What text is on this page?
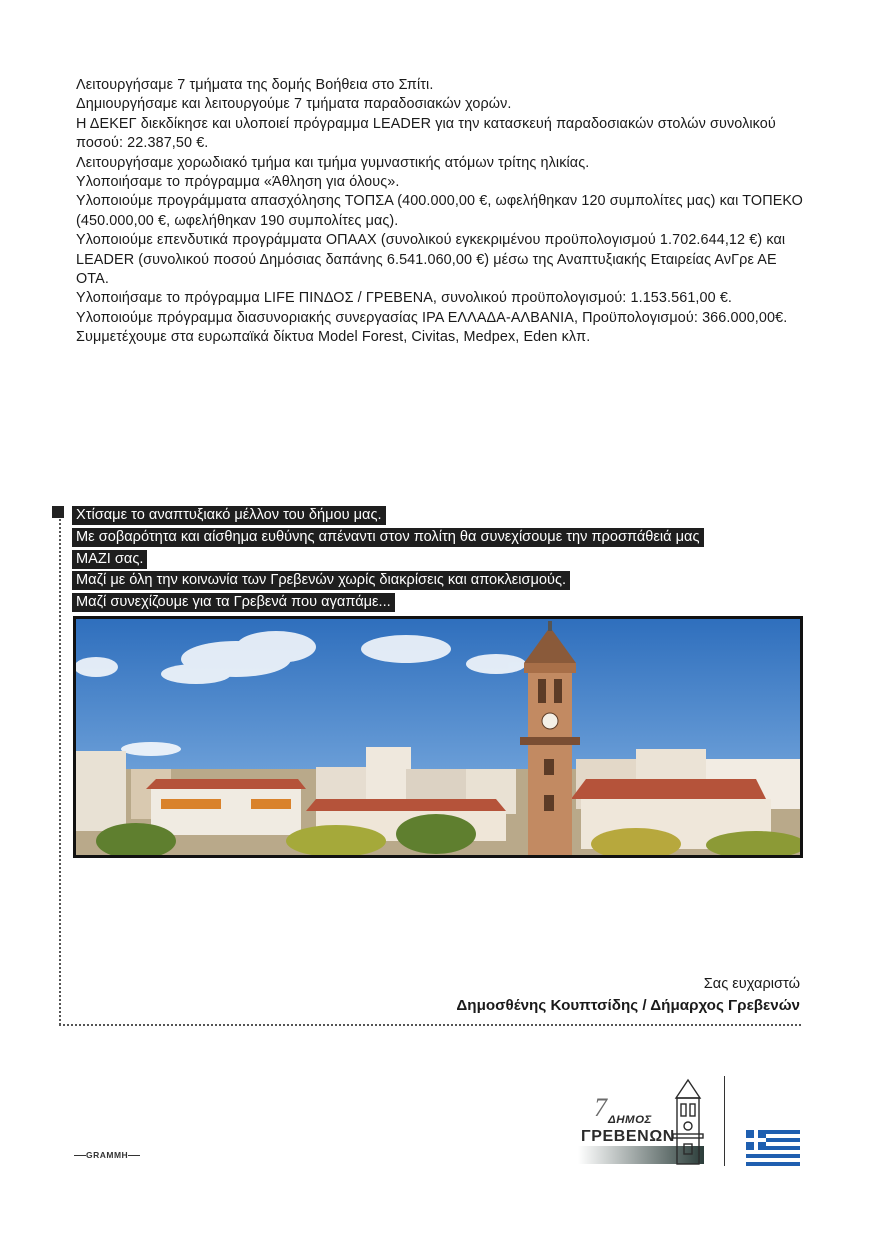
Λειτουργήσαμε 7 τμήματα της δομής Βοήθεια στο Σπίτι.

Δημιουργήσαμε και λειτουργούμε 7 τμήματα παραδοσιακών χορών.

Η ΔΕΚΕΓ διεκδίκησε και υλοποιεί πρόγραμμα LEADER για την κατασκευή παραδοσιακών στολών συνολικού ποσού: 22.387,50 €.

Λειτουργήσαμε χορωδιακό τμήμα και τμήμα γυμναστικής ατόμων τρίτης ηλικίας.

Υλοποιήσαμε το πρόγραμμα «Άθληση για όλους».

Υλοποιούμε προγράμματα απασχόλησης ΤΟΠΣΑ (400.000,00 €, ωφελήθηκαν 120 συμπολίτες μας) και ΤΟΠΕΚΟ (450.000,00 €, ωφελήθηκαν 190 συμπολίτες μας).

Υλοποιούμε επενδυτικά προγράμματα ΟΠΑΑΧ (συνολικού εγκεκριμένου προϋπολογισμού 1.702.644,12 €) και LEADER (συνολικού ποσού Δημόσιας δαπάνης 6.541.060,00 €) μέσω της Αναπτυξιακής Εταιρείας ΑνΓρε ΑΕ ΟΤΑ.

Υλοποιήσαμε το πρόγραμμα LIFE ΠΙΝΔΟΣ / ΓΡΕΒΕΝΑ, συνολικού προϋπολογισμού: 1.153.561,00 €.

Υλοποιούμε πρόγραμμα διασυνοριακής συνεργασίας IPA ΕΛΛΑΔΑ-ΑΛΒΑΝΙΑ, Προϋπολογισμού: 366.000,00€.

Συμμετέχουμε στα ευρωπαϊκά δίκτυα Model Forest, Civitas, Medpex, Eden κλπ.

Χτίσαμε το αναπτυξιακό μέλλον του δήμου μας.
Με σοβαρότητα και αίσθημα ευθύνης απέναντι στον πολίτη θα συνεχίσουμε την προσπάθειά μας
ΜΑΖΙ σας.
Μαζί με όλη την κοινωνία των Γρεβενών χωρίς διακρίσεις και αποκλεισμούς.
Μαζί συνεχίζουμε για τα Γρεβενά που αγαπάμε...
Σας ευχαριστώ
Δημοσθένης Κουπτσίδης / Δήμαρχος Γρεβενών
7 ΔΗΜΟΣ
ΓΡΕΒΕΝΩΝ
GRAMMH
